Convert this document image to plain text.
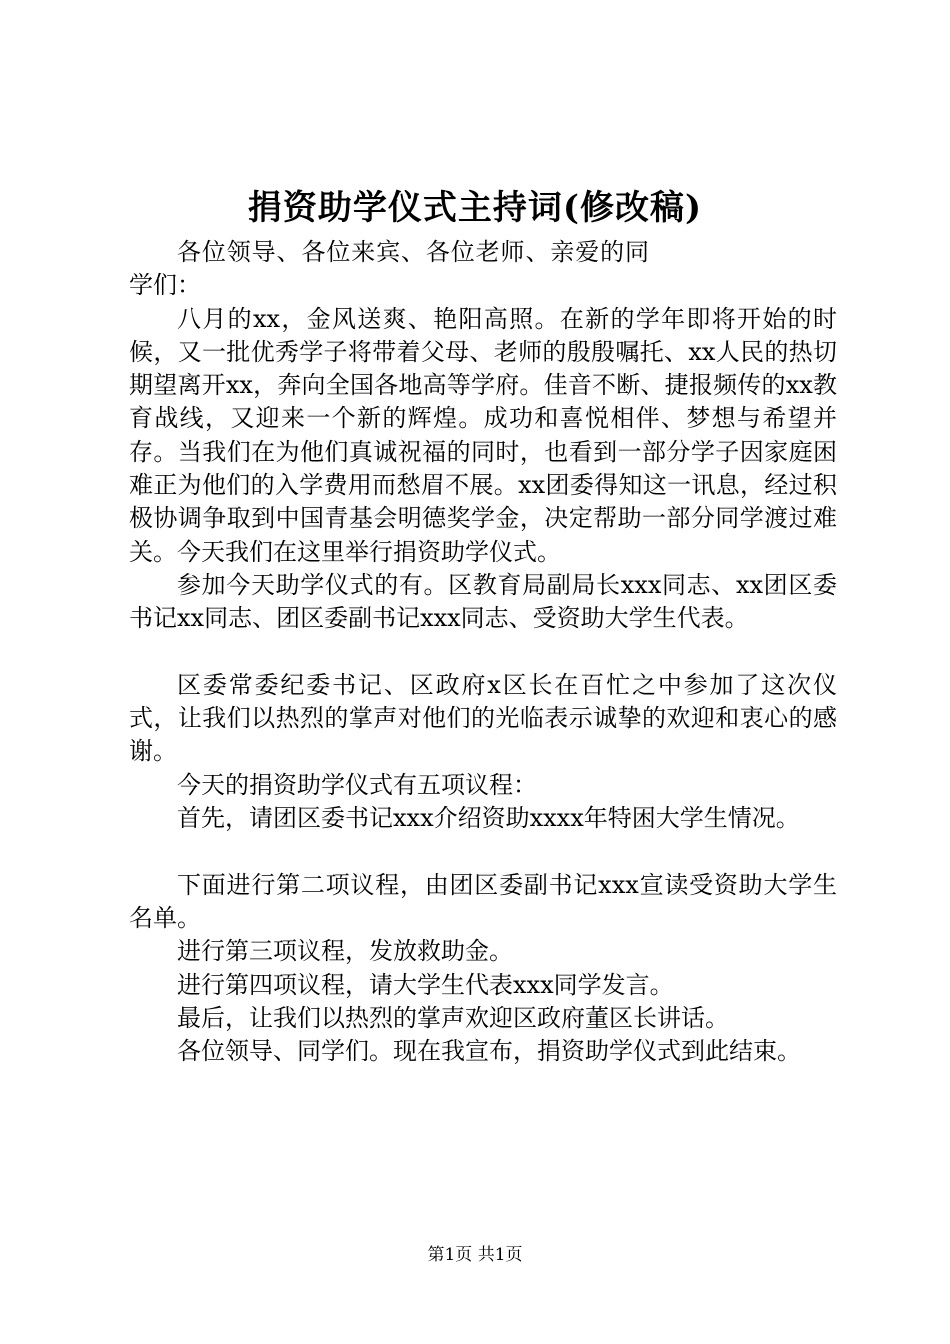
捐资助学仪式主持词(修改稿)

各位领导、各位来宾、各位老师、亲爱的同学们：

八月的xx，金风送爽、艳阳高照。在新的学年即将开始的时候，又一批优秀学子将带着父母、老师的殷殷嘱托、xx人民的热切期望离开xx，奔向全国各地高等学府。佳音不断、捷报频传的xx教育战线，又迎来一个新的辉煌。成功和喜悦相伴、梦想与希望并存。当我们在为他们真诚祝福的同时，也看到一部分学子因家庭困难正为他们的入学费用而愁眉不展。xx团委得知这一讯息，经过积极协调争取到中国青基会明德奖学金，决定帮助一部分同学渡过难关。今天我们在这里举行捐资助学仪式。

参加今天助学仪式的有。区教育局副局长xxx同志、xx团区委书记xx同志、团区委副书记xxx同志、受资助大学生代表。

区委常委纪委书记、区政府x区长在百忙之中参加了这次仪式，让我们以热烈的掌声对他们的光临表示诚挚的欢迎和衷心的感谢。

今天的捐资助学仪式有五项议程：

首先，请团区委书记xxx介绍资助xxxx年特困大学生情况。

下面进行第二项议程，由团区委副书记xxx宣读受资助大学生名单。

进行第三项议程，发放救助金。

进行第四项议程，请大学生代表xxx同学发言。

最后，让我们以热烈的掌声欢迎区政府董区长讲话。

各位领导、同学们。现在我宣布，捐资助学仪式到此结束。

第1页 共1页
